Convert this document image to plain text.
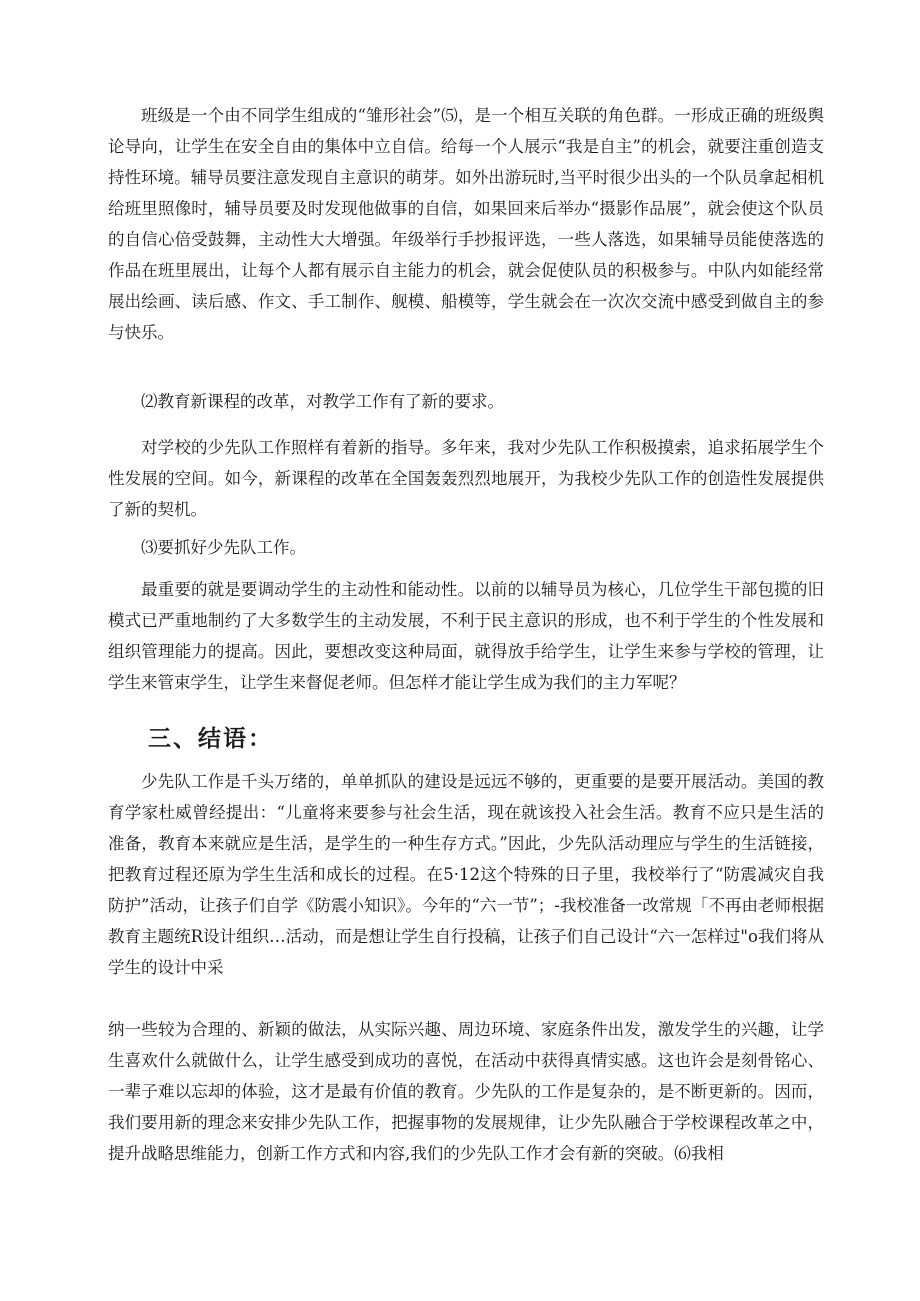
班级是一个由不同学生组成的“雏形社会”⑸，是一个相互关联的角色群。一形成正确的班级舆论导向，让学生在安全自由的集体中立自信。给每一个人展示“我是自主”的机会，就要注重创造支持性环境。辅导员要注意发现自主意识的萌芽。如外出游玩时,当平时很少出头的一个队员拿起相机给班里照像时，辅导员要及时发现他做事的自信，如果回来后举办“摄影作品展”，就会使这个队员的自信心倍受鼓舞，主动性大大增强。年级举行手抄报评选，一些人落选，如果辅导员能使落选的作品在班里展出，让每个人都有展示自主能力的机会，就会促使队员的积极参与。中队内如能经常展出绘画、读后感、作文、手工制作、舰模、船模等，学生就会在一次次交流中感受到做自主的参与快乐。

⑵教育新课程的改革，对教学工作有了新的要求。

对学校的少先队工作照样有着新的指导。多年来，我对少先队工作积极摸索，追求拓展学生个性发展的空间。如今，新课程的改革在全国轰轰烈烈地展开，为我校少先队工作的创造性发展提供了新的契机。

⑶要抓好少先队工作。

最重要的就是要调动学生的主动性和能动性。以前的以辅导员为核心，几位学生干部包揽的旧模式已严重地制约了大多数学生的主动发展，不利于民主意识的形成，也不利于学生的个性发展和组织管理能力的提高。因此，要想改变这种局面，就得放手给学生，让学生来参与学校的管理，让学生来管束学生，让学生来督促老师。但怎样才能让学生成为我们的主力军呢？

三、结语：

少先队工作是千头万绪的，单单抓队的建设是远远不够的，更重要的是要开展活动。美国的教育学家杜威曾经提出：“儿童将来要参与社会生活，现在就该投入社会生活。教育不应只是生活的准备，教育本来就应是生活，是学生的一种生存方式。”因此，少先队活动理应与学生的生活链接，把教育过程还原为学生生活和成长的过程。在5·12这个特殊的日子里，我校举行了“防震减灾自我防护”活动，让孩子们自学《防震小知识》。今年的“六一节”；-我校准备一改常规「不再由老师根据教育主题统R设计组织…活动，而是想让学生自行投稿，让孩子们自己设计“六一怎样过"o我们将从学生的设计中采

纳一些较为合理的、新颖的做法，从实际兴趣、周边环境、家庭条件出发，激发学生的兴趣，让学生喜欢什么就做什么，让学生感受到成功的喜悦，在活动中获得真情实感。这也许会是刻骨铭心、一辈子难以忘却的体验，这才是最有价值的教育。少先队的工作是复杂的，是不断更新的。因而，我们要用新的理念来安排少先队工作，把握事物的发展规律，让少先队融合于学校课程改革之中，提升战略思维能力，创新工作方式和内容,我们的少先队工作才会有新的突破。⑹我相
